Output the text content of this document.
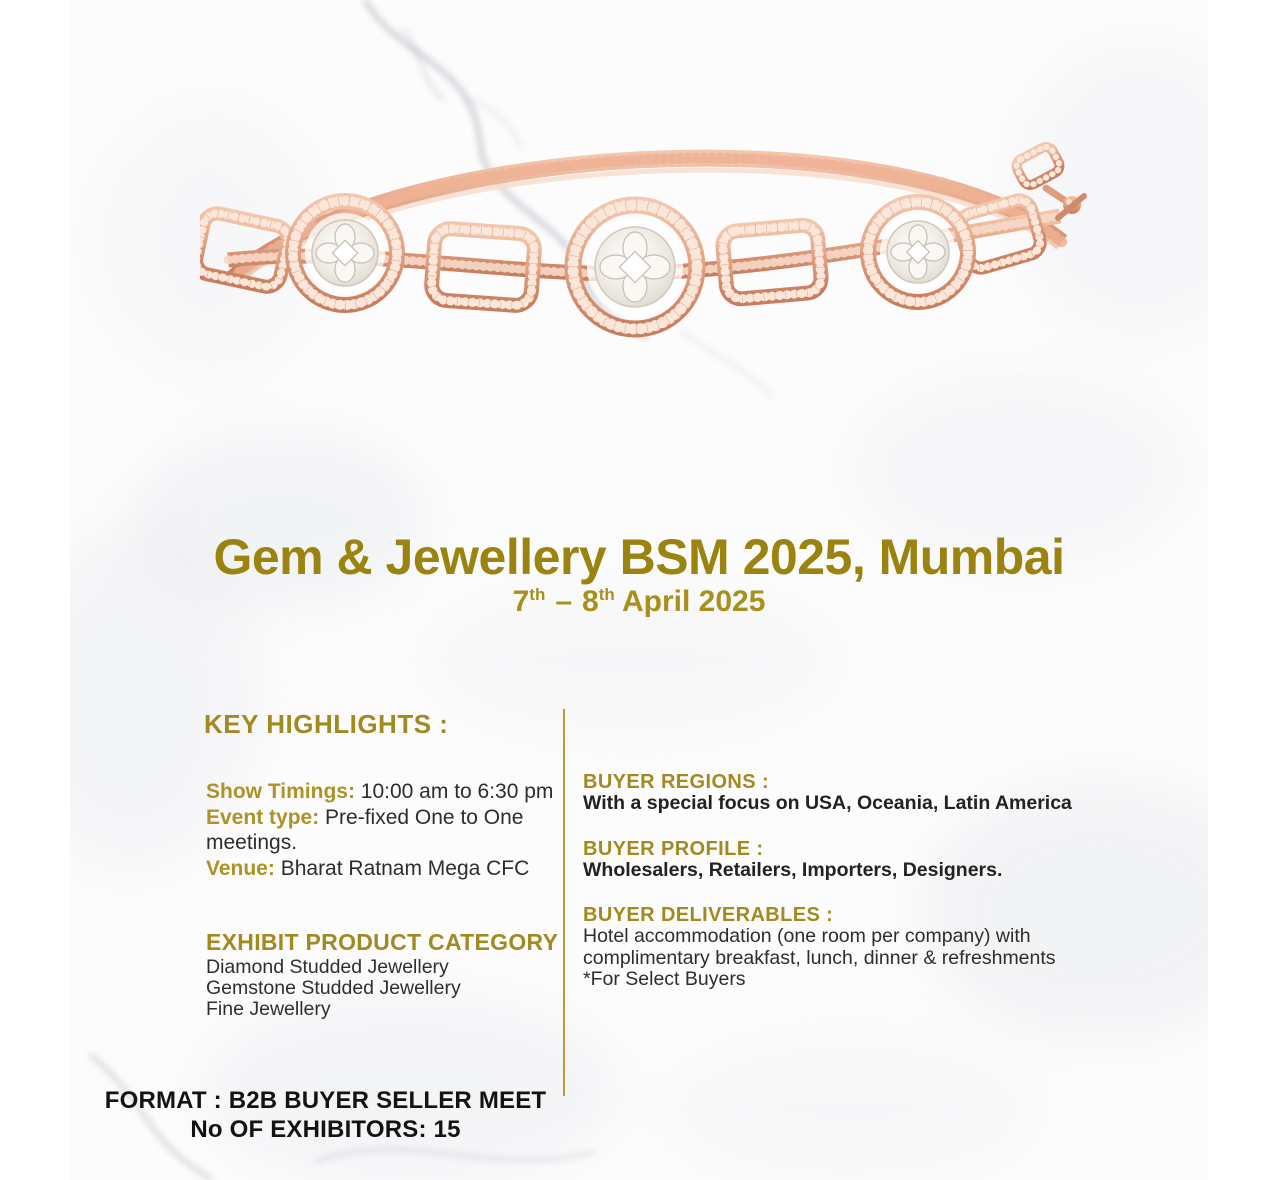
Gem & Jewellery BSM 2025, Mumbai
7th – 8th April 2025
KEY HIGHLIGHTS :

Show Timings: 10:00 am to 6:30 pm

Event type: Pre-fixed One to One meetings.

Venue: Bharat Ratnam Mega CFC

EXHIBIT PRODUCT CATEGORY
Diamond Studded Jewellery
Gemstone Studded Jewellery
Fine Jewellery
BUYER REGIONS :

With a special focus on USA, Oceania, Latin America

BUYER PROFILE :

Wholesalers, Retailers, Importers, Designers.

BUYER DELIVERABLES :

Hotel accommodation (one room per company) with complimentary breakfast, lunch, dinner & refreshments

*For Select Buyers

FORMAT : B2B BUYER SELLER MEET

No OF EXHIBITORS: 15
